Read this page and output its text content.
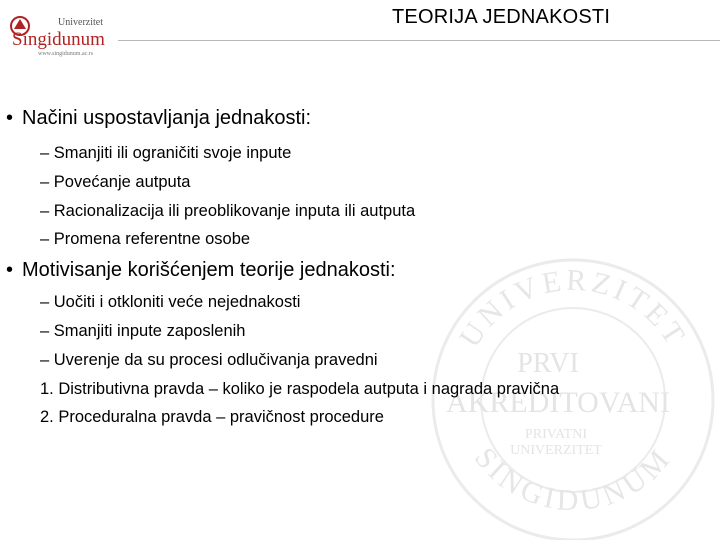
Univerzitet
Singidunum
www.singidunum.ac.rs
TEORIJA JEDNAKOSTI
UNIVERZITET
SINGIDUNUM
PRVI
AKREDITOVANI
PRIVATNI
UNIVERZITET
• Načini uspostavljanja jednakosti:
– Smanjiti ili ograničiti svoje inpute
– Povećanje autputa
– Racionalizacija ili preoblikovanje inputa ili autputa
– Promena referentne osobe
• Motivisanje korišćenjem teorije jednakosti:
– Uočiti i otkloniti veće nejednakosti
– Smanjiti inpute zaposlenih
– Uverenje da su procesi odlučivanja pravedni
1. Distributivna pravda – koliko je raspodela autputa i nagrada pravična
2. Proceduralna pravda – pravičnost procedure
